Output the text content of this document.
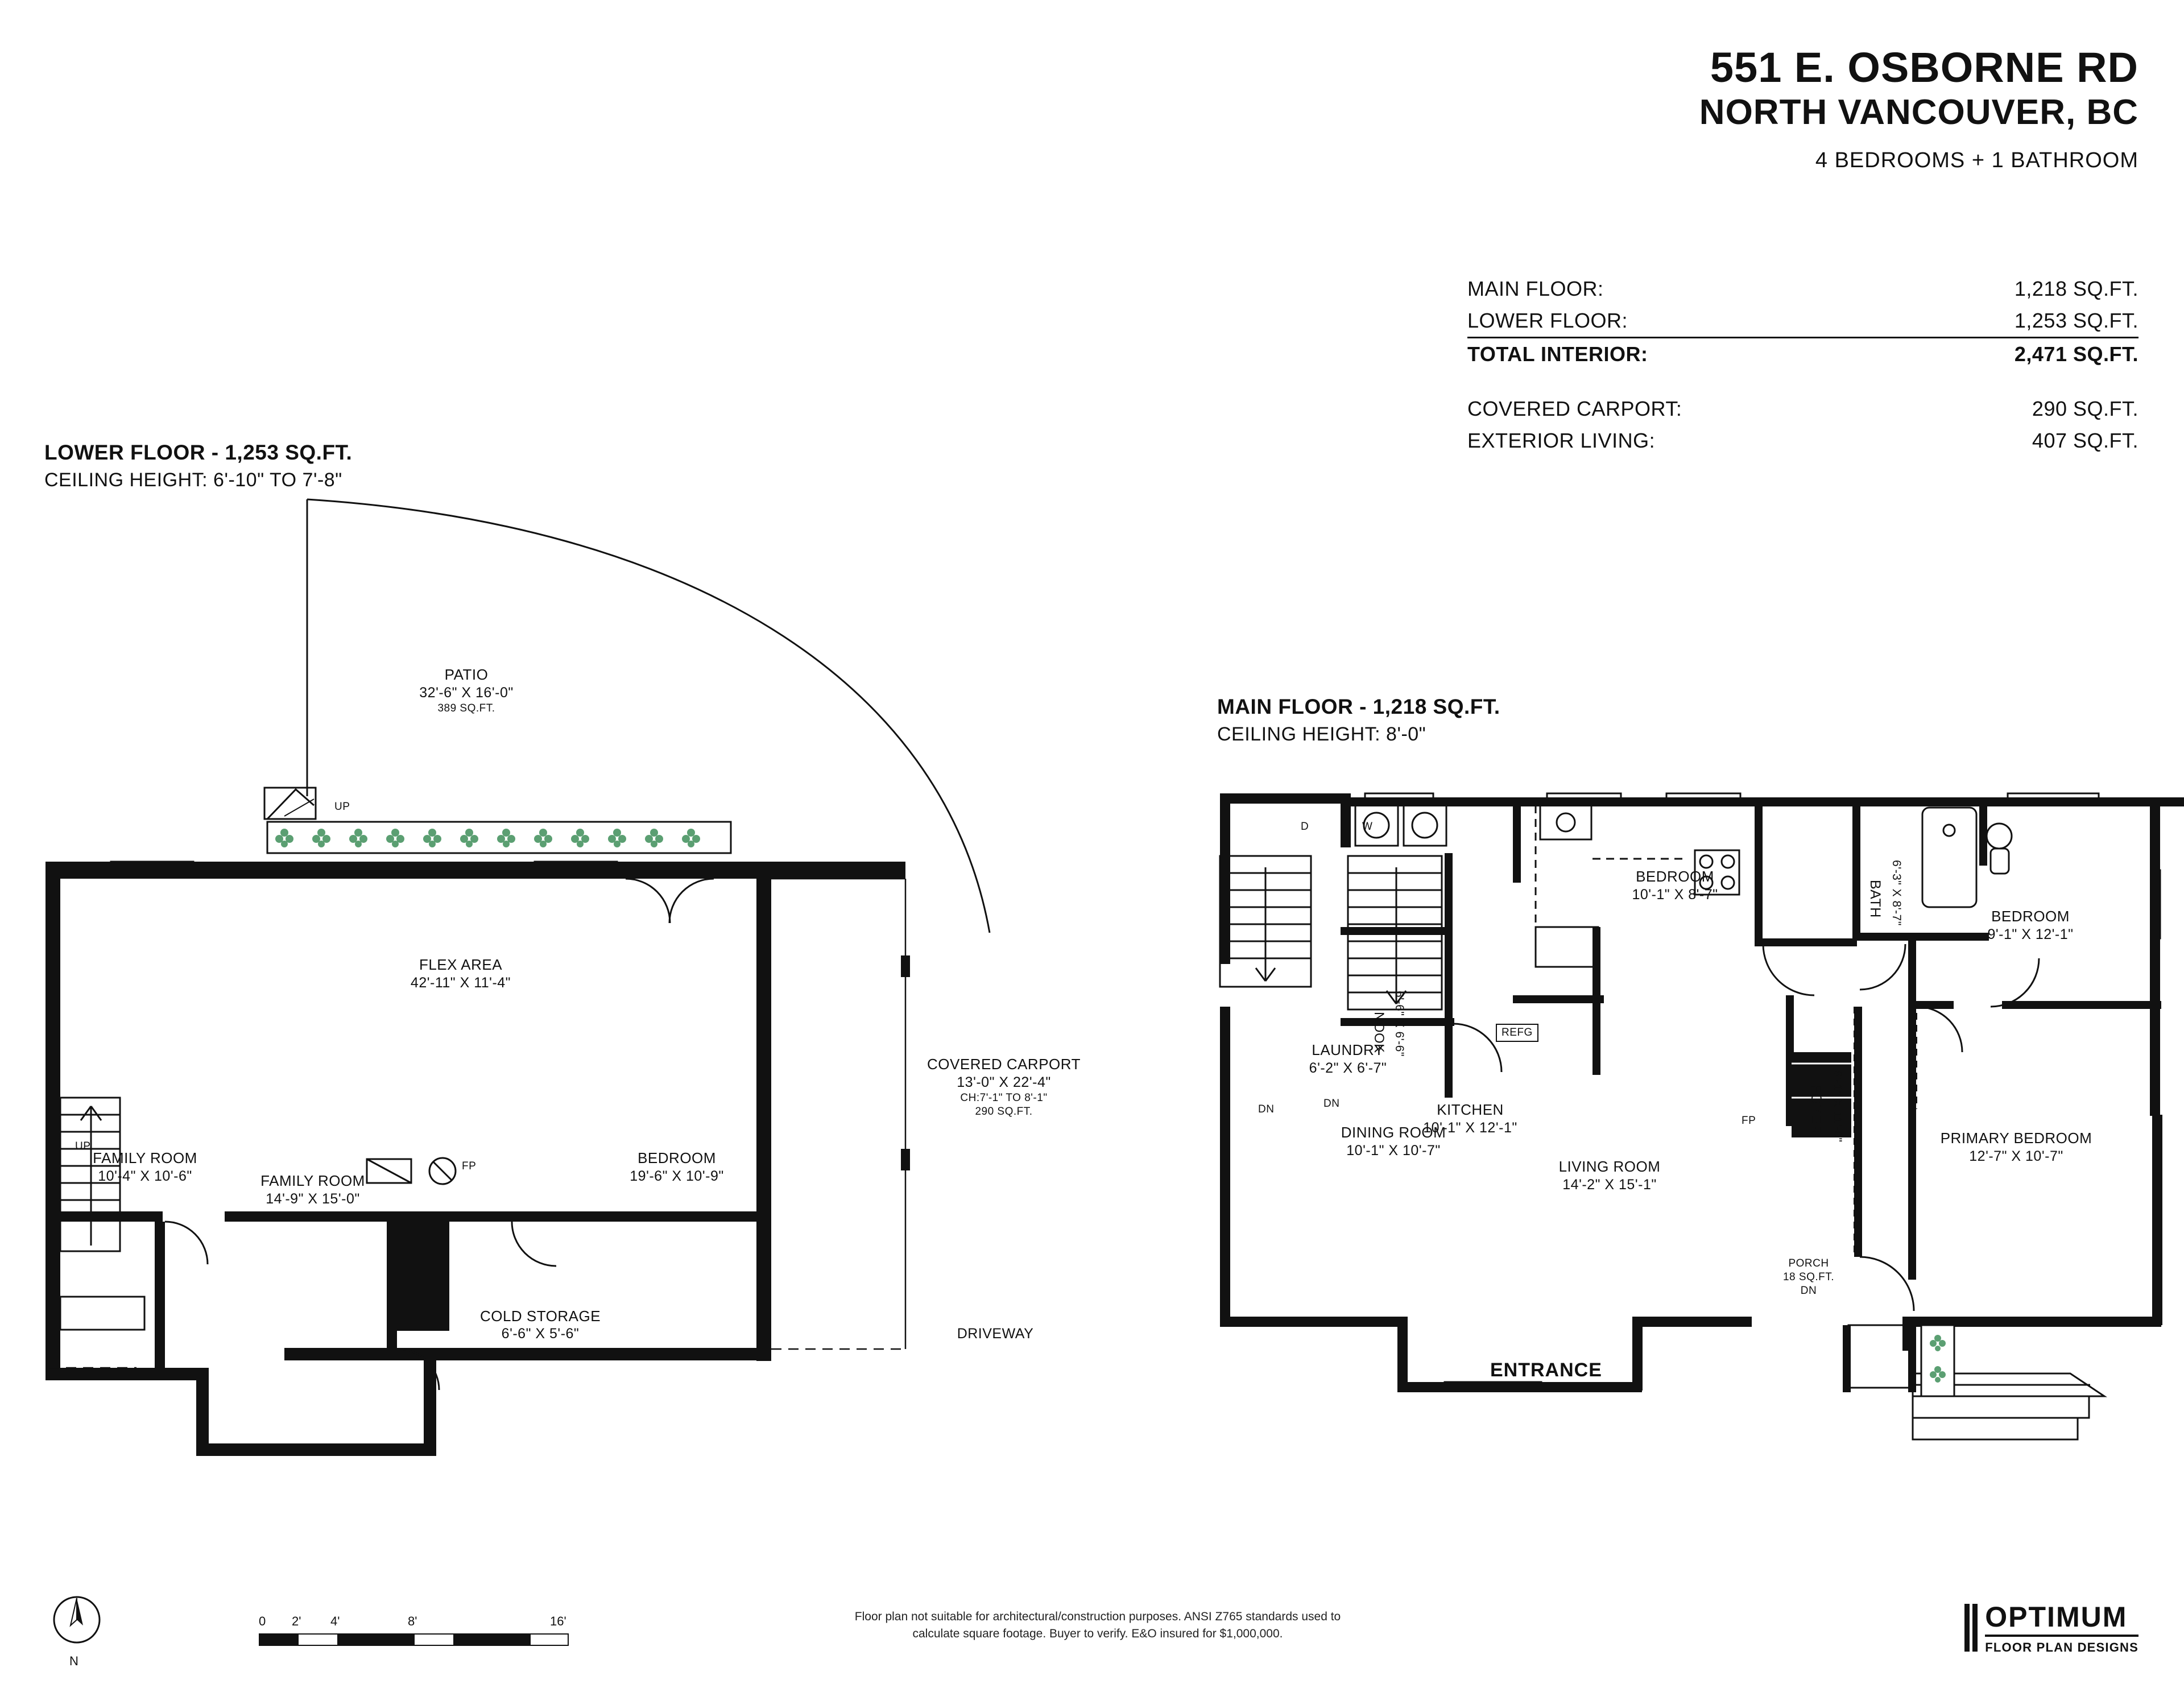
551 E. OSBORNE RD
NORTH VANCOUVER, BC
4 BEDROOMS + 1 BATHROOM
MAIN FLOOR:	1,218 SQ.FT.
LOWER FLOOR:	1,253 SQ.FT.
TOTAL INTERIOR:	2,471 SQ.FT.
COVERED CARPORT:	290 SQ.FT.
EXTERIOR LIVING:	407 SQ.FT.
LOWER FLOOR - 1,253 SQ.FT.
CEILING HEIGHT: 6'-10" TO 7'-8"
PATIO
32'-6" X 16'-0"
389 SQ.FT.
UP
FLEX AREA
42'-11" X 11'-4"
COVERED CARPORT
13'-0" X 22'-4"
CH:7'-1" TO 8'-1"
290 SQ.FT.
FAMILY ROOM
10'-4" X 10'-6"
UP
FAMILY ROOM
14'-9" X 15'-0"
BEDROOM
19'-6" X 10'-9"
COLD STORAGE
6'-6" X 5'-6"	DRIVEWAY
FP
MAIN FLOOR - 1,218 SQ.FT.
CEILING HEIGHT: 8'-0"
LAUNDRY
6'-2" X 6'-7"
DN	DN
D	W
KITCHEN
10'-1" X 12'-1"
NOOK 6'-6" X 6'-6"	REFG
BEDROOM
10'-1" X 8'-7"	BATH 6'-3" X 8'-7"	BEDROOM
9'-1" X 12'-1"
DINING ROOM
10'-1" X 10'-7"
LIVING ROOM
14'-2" X 15'-1"
FP	FOYER 6'-1" X 11'-0"	PRIMARY BEDROOM
12'-7" X 10'-7"
PORCH
18 SQ.FT.
DN
ENTRANCE
Floor plan not suitable for architectural/construction purposes. ANSI Z765 standards used to
calculate square footage. Buyer to verify. E&O insured for $1,000,000.
0 2' 4'	8'	16'
N
OPTIMUM
FLOOR PLAN DESIGNS
